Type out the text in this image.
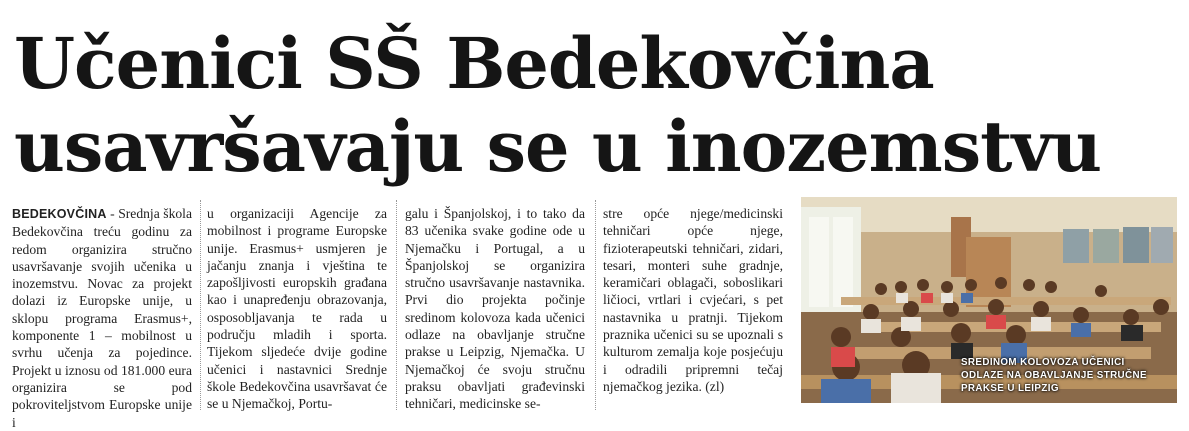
Učenici SŠ Bedekovčina
usavršavaju se u inozemstvu

BEDEKOVČINA - Srednja škola Bedekovčina treću godinu za redom organizira stručno usavršavanje svojih učenika u inozemstvu. Novac za projekt dolazi iz Europske unije, u sklopu programa Erasmus+, komponente 1 – mobilnost u svrhu učenja za pojedince. Projekt u iznosu od 181.000 eura organizira se pod pokroviteljstvom Europske unije i

u organizaciji Agencije za mobilnost i programe Europske unije. Erasmus+ usmjeren je jačanju znanja i vještina te zapošljivosti europskih građana kao i unapređenju obrazovanja, osposobljavanja te rada u području mladih i sporta. Tijekom sljedeće dvije godine učenici i nastavnici Srednje škole Bedekovčina usavršavat će se u Njemačkoj, Portu-

galu i Španjolskoj, i to tako da 83 učenika svake godine ode u Njemačku i Portugal, a u Španjolskoj se organizira stručno usavršavanje nastavnika. Prvi dio projekta počinje sredinom kolovoza kada učenici odlaze na obavljanje stručne prakse u Leipzig, Njemačka. U Njemačkoj će svoju stručnu praksu obavljati građevinski tehničari, medicinske se-

stre opće njege/medicinski tehničari opće njege, fizioterapeutski tehničari, zidari, tesari, monteri suhe gradnje, keramičari oblagači, soboslikari ličioci, vrtlari i cvjećari, s pet nastavnika u pratnji. Tijekom praznika učenici su se upoznali s kulturom zemalja koje posjećuju i odradili pripremni tečaj njemačkog jezika. (zl)

SREDINOM KOLOVOZA UČENICI ODLAZE NA OBAVLJANJE STRUČNE PRAKSE U LEIPZIG
